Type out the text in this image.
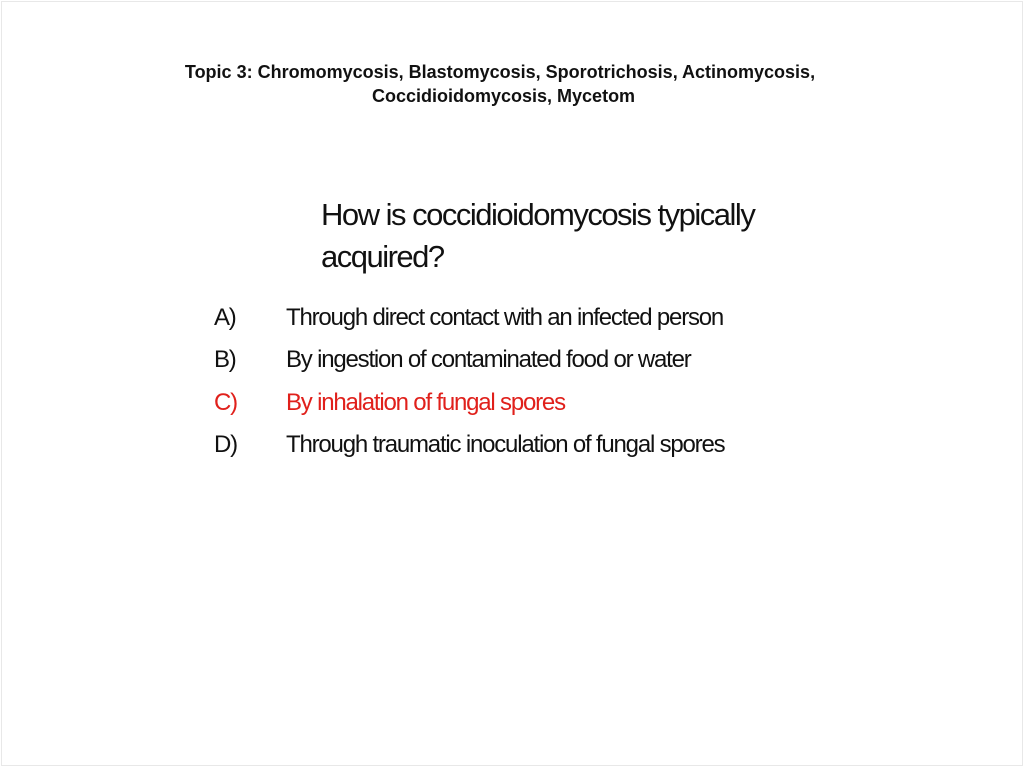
Topic 3: Chromomycosis, Blastomycosis, Sporotrichosis, Actinomycosis,
Coccidioidomycosis, Mycetom
How is coccidioidomycosis typically
acquired?
A) Through direct contact with an infected person
B) By ingestion of contaminated food or water
C) By inhalation of fungal spores
D) Through traumatic inoculation of fungal spores
